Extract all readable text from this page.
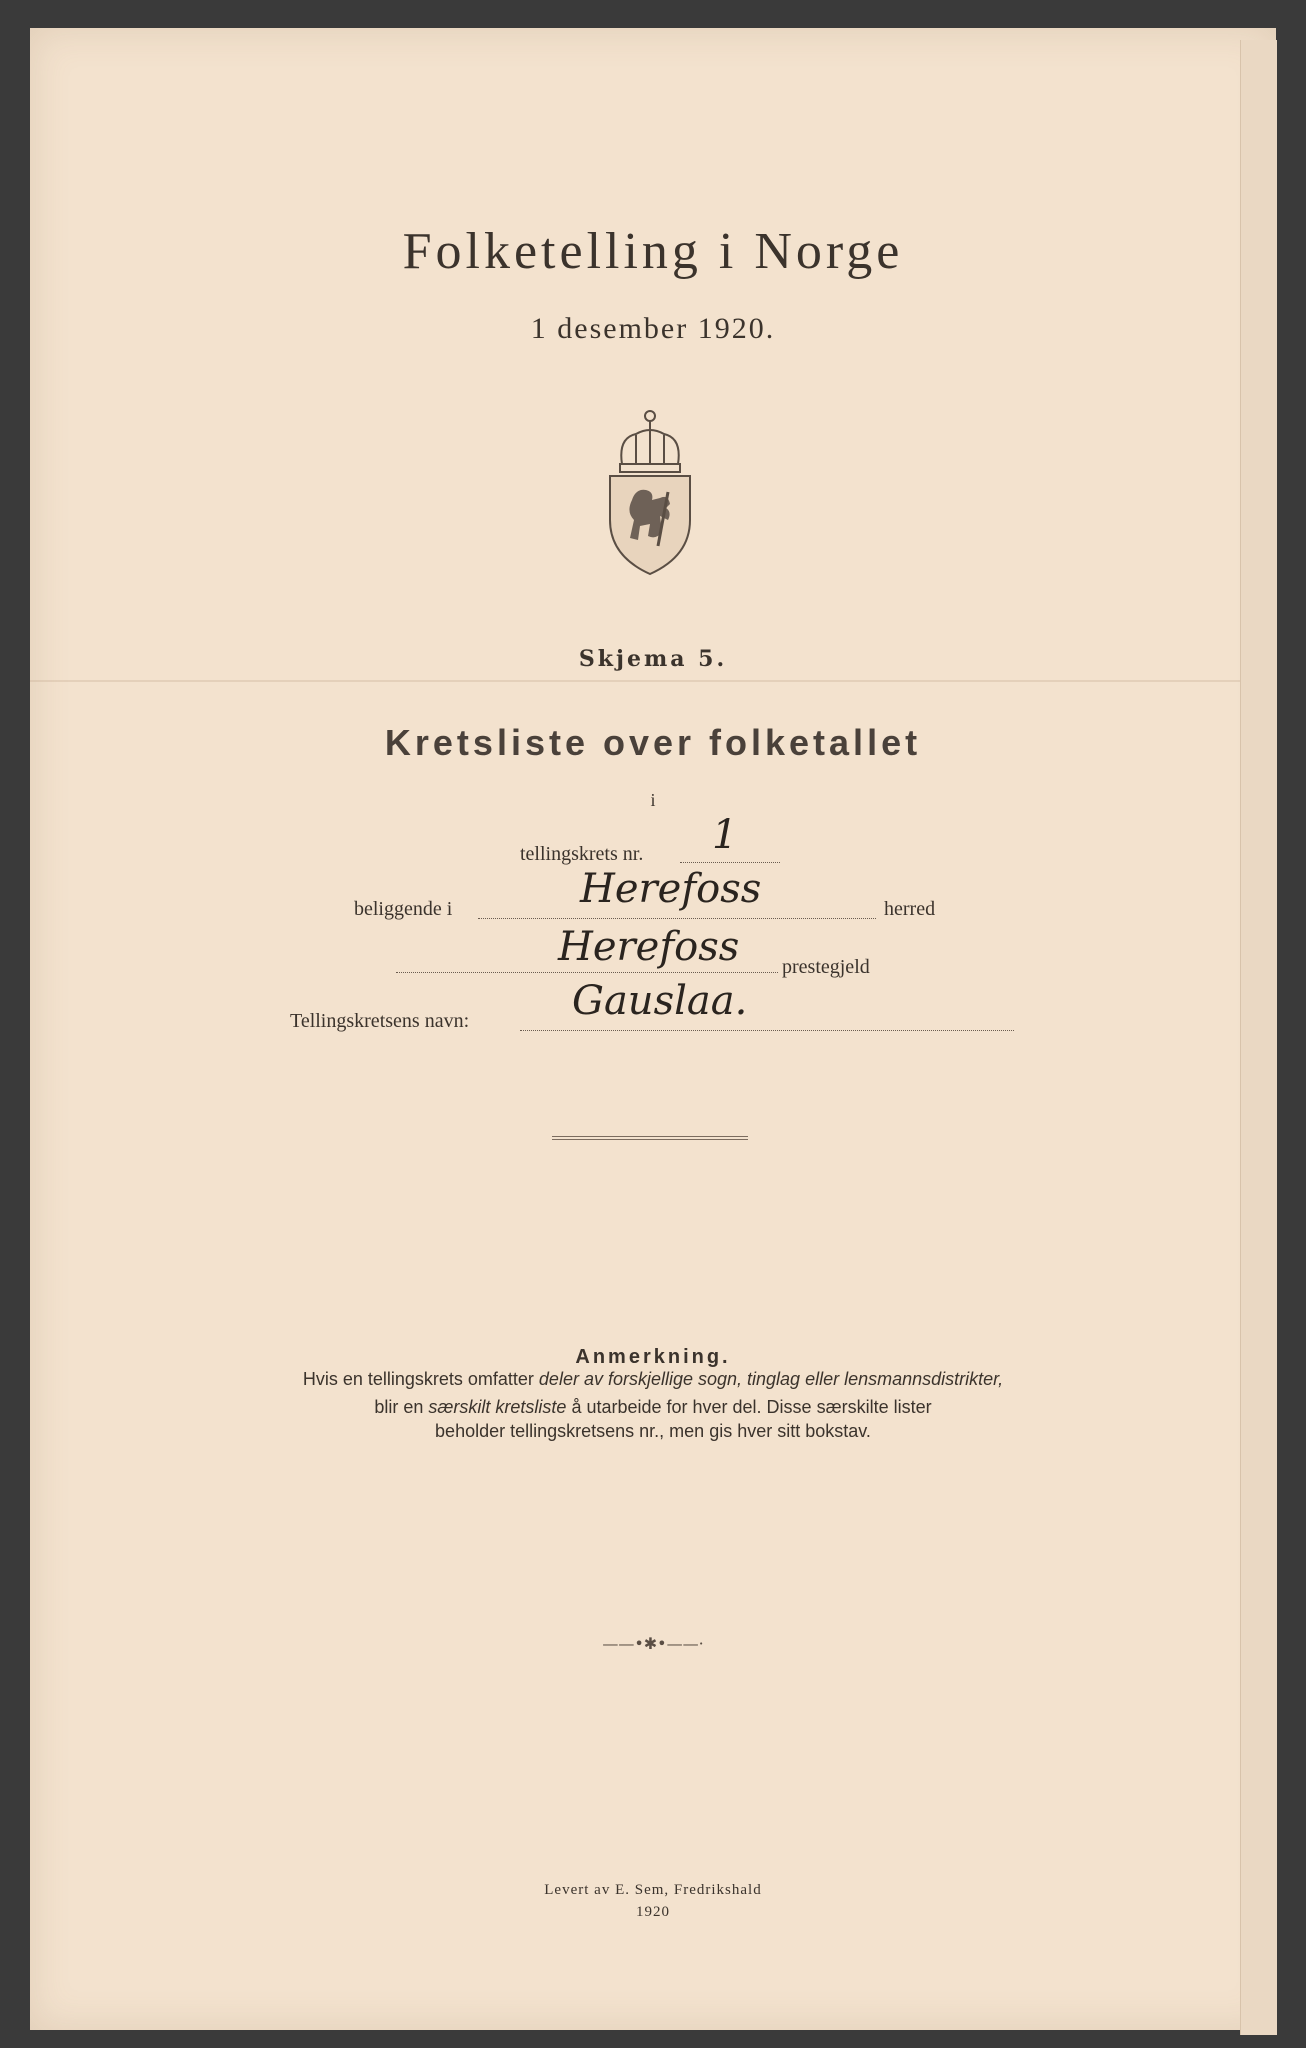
Folketelling i Norge
1 desember 1920.
Skjema 5.
Kretsliste over folketallet
i
tellingskrets nr. 1
beliggende i	Herefoss	herred
Herefoss prestegjeld
Tellingskretsens navn:	Gauslaa.
Anmerkning.
Hvis en tellingskrets omfatter deler av forskjellige sogn, tinglag eller lensmannsdistrikter,
blir en særskilt kretsliste å utarbeide for hver del. Disse særskilte lister
beholder tellingskretsens nr., men gis hver sitt bokstav.
——•✱•——·
Levert av E. Sem, Fredrikshald
1920
